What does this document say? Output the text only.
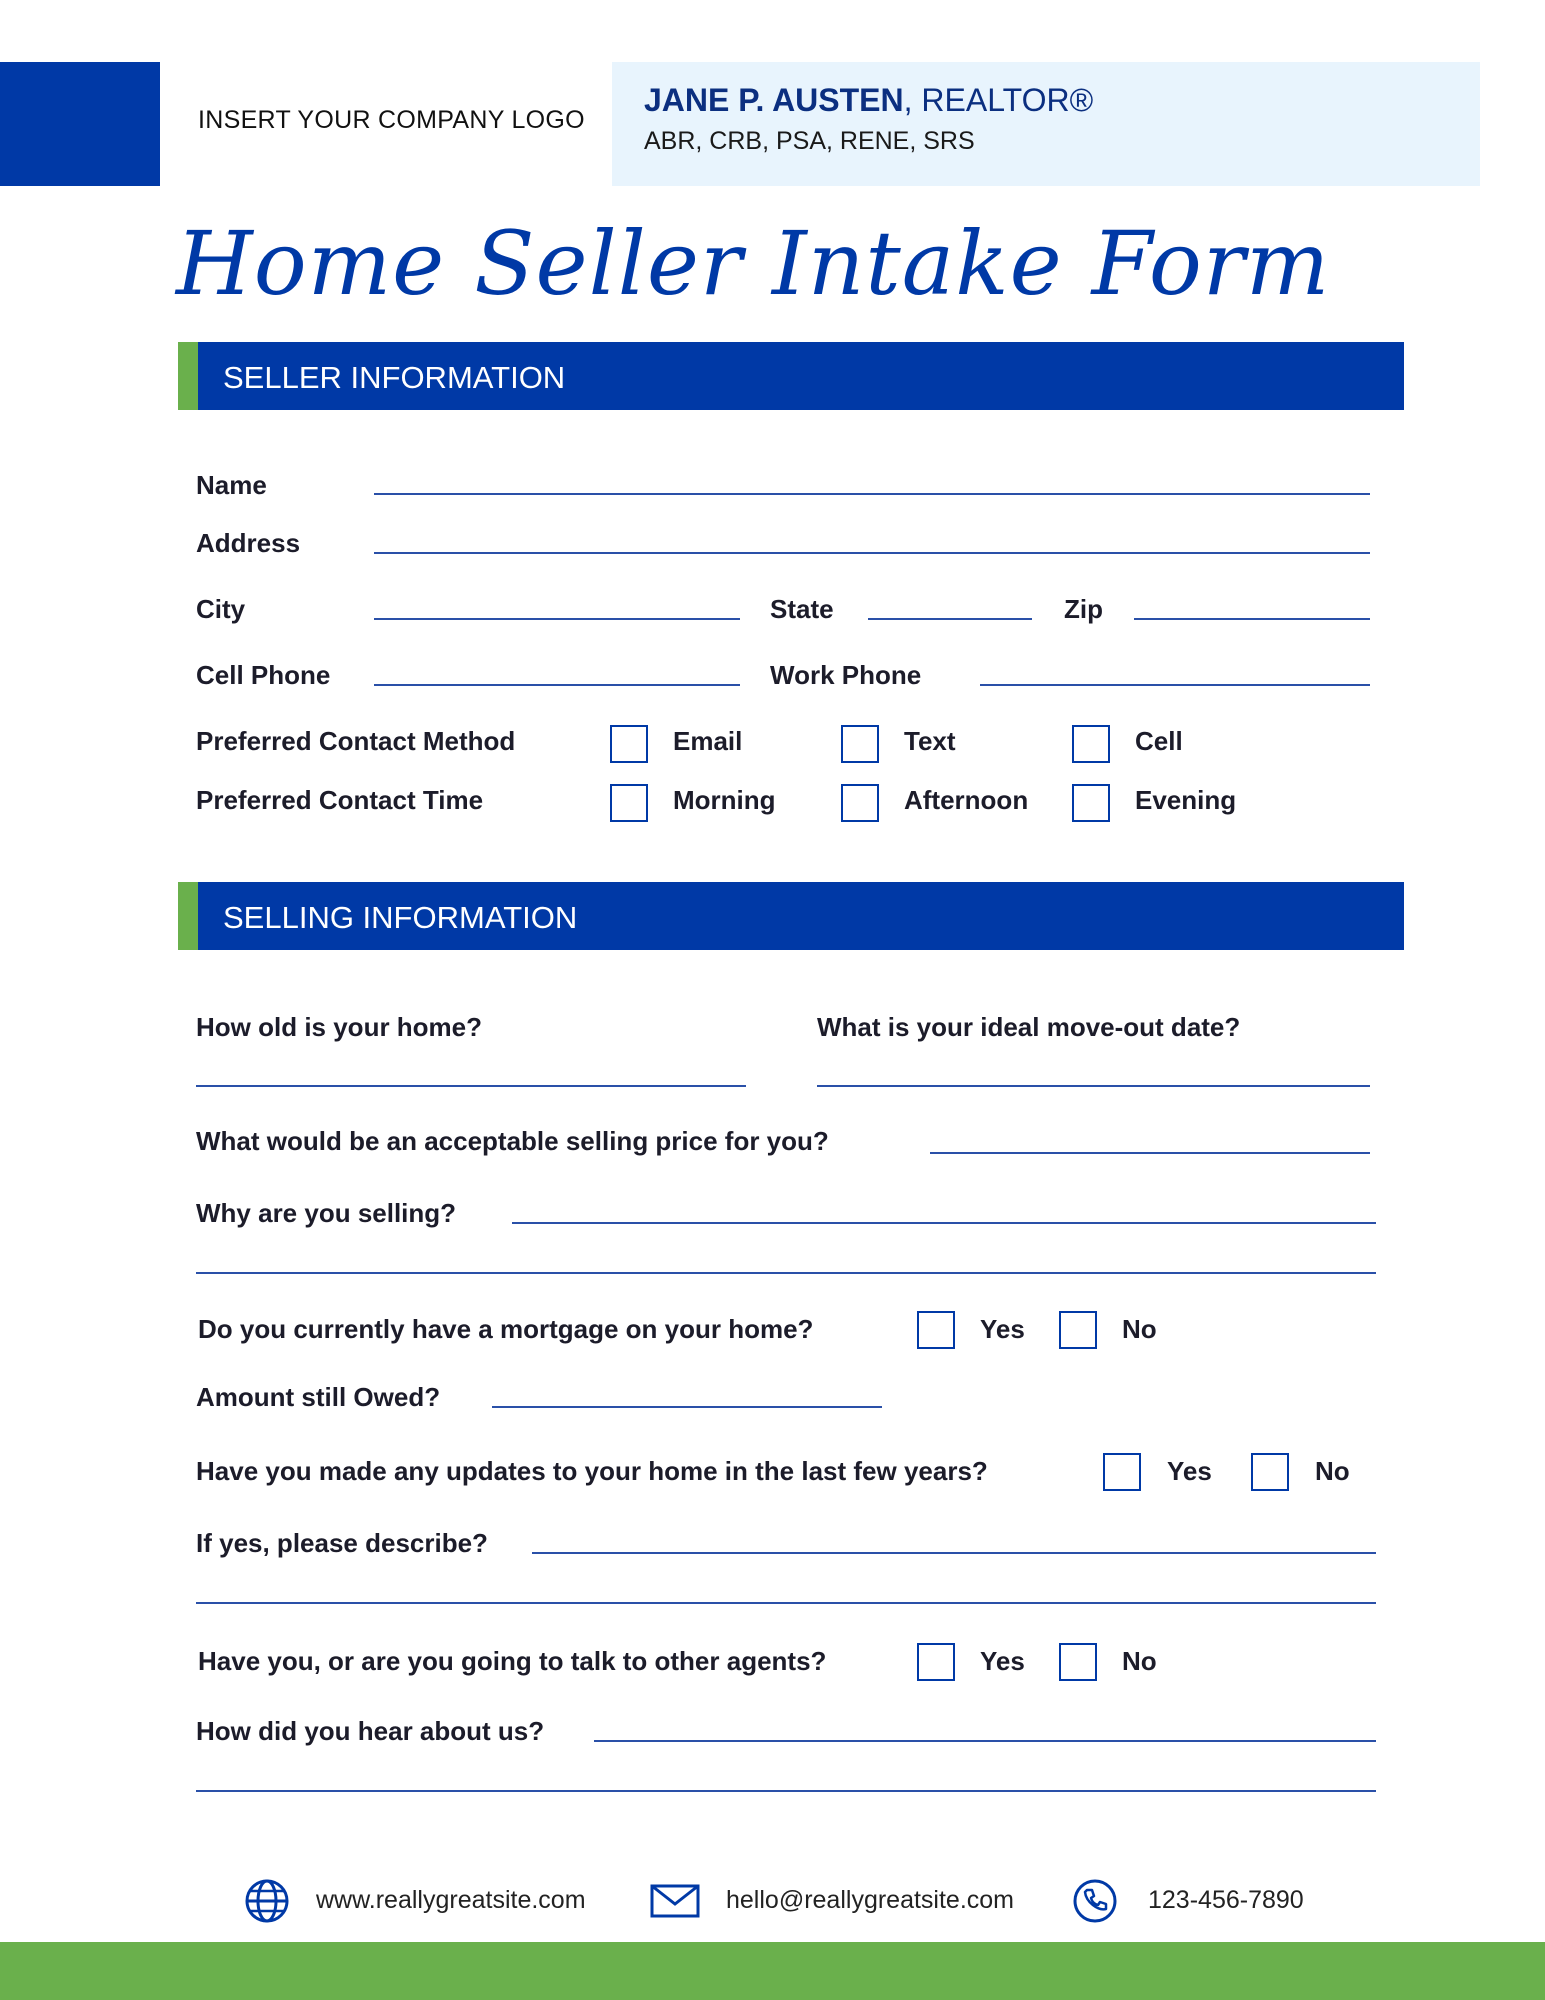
INSERT YOUR COMPANY LOGO
JANE P. AUSTEN, REALTOR®
ABR, CRB, PSA, RENE, SRS
Home Seller Intake Form
SELLER INFORMATION
Name
Address
City	State	Zip
Cell Phone	Work Phone
Preferred Contact Method	Email	Text	Cell
Preferred Contact Time	Morning	Afternoon	Evening
SELLING INFORMATION
How old is your home?	What is your ideal move-out date?
What would be an acceptable selling price for you?
Why are you selling?
Do you currently have a mortgage on your home?	Yes	No
Amount still Owed?
Have you made any updates to your home in the last few years?	Yes	No
If yes, please describe?
Have you, or are you going to talk to other agents?	Yes	No
How did you hear about us?
www.reallygreatsite.com	hello@reallygreatsite.com	123-456-7890
